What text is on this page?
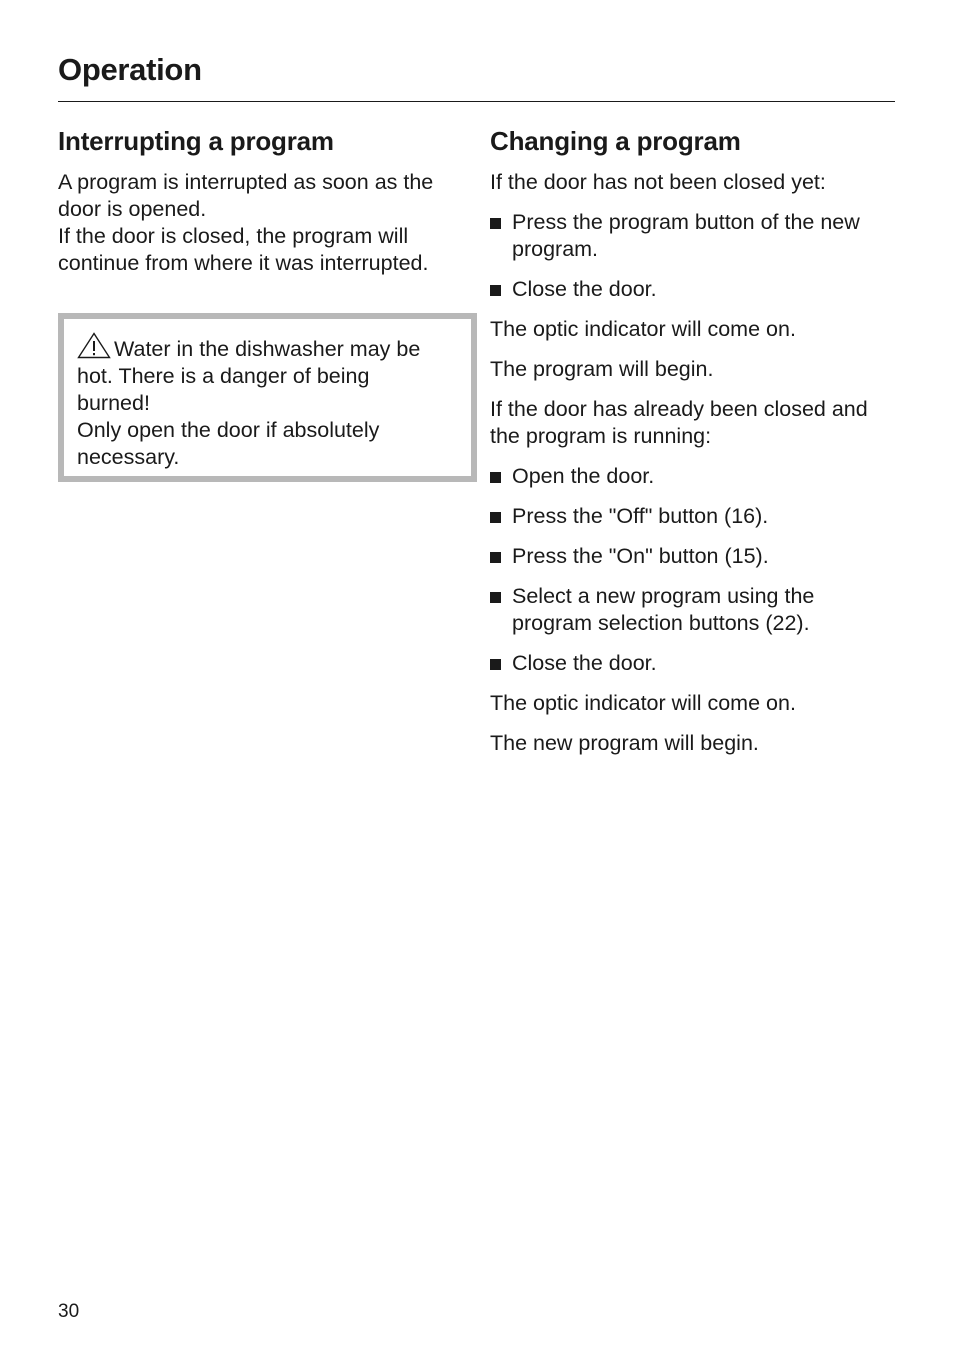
Operation
Interrupting a program

A program is interrupted as soon as the
door is opened.
If the door is closed, the program will
continue from where it was interrupted.

Water in the dishwasher may be
hot. There is a danger of being
burned!
Only open the door if absolutely
necessary.
Changing a program
If the door has not been closed yet:
Press the program button of the new program.
Close the door.
The optic indicator will come on.
The program will begin.
If the door has already been closed and the program is running:
Open the door.
Press the "Off" button (16).
Press the "On" button (15).
Select a new program using the program selection buttons (22).
Close the door.
The optic indicator will come on.
The new program will begin.
30
